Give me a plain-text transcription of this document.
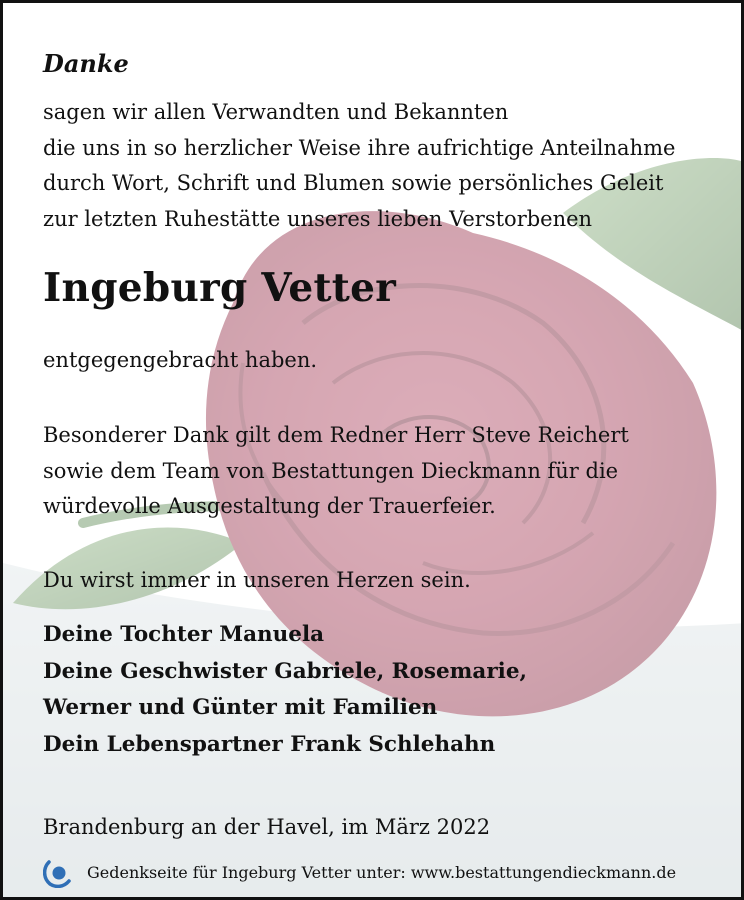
Danke
sagen wir allen Verwandten und Bekannten
die uns in so herzlicher Weise ihre aufrichtige Anteilnahme
durch Wort, Schrift und Blumen sowie persönliches Geleit
zur letzten Ruhestätte unseres lieben Verstorbenen
Ingeburg Vetter
entgegengebracht haben.
Besonderer Dank gilt dem Redner Herr Steve Reichert
sowie dem Team von Bestattungen Dieckmann für die
würdevolle Ausgestaltung der Trauerfeier.
Du wirst immer in unseren Herzen sein.
Deine Tochter Manuela
Deine Geschwister Gabriele, Rosemarie,
Werner und Günter mit Familien
Dein Lebenspartner Frank Schlehahn
Brandenburg an der Havel, im März 2022
Gedenkseite für Ingeburg Vetter unter: www.bestattungendieckmann.de
